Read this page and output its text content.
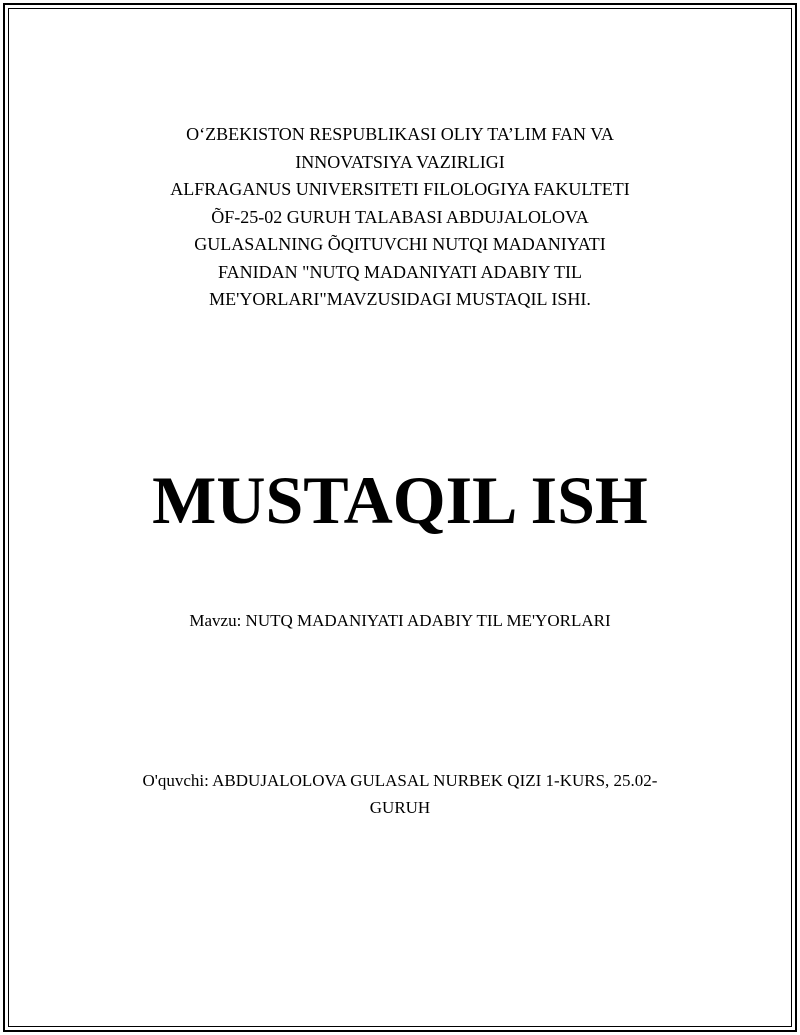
O‘ZBEKISTON RESPUBLIKASI OLIY TA’LIM FAN VA
INNOVATSIYA VAZIRLIGI
ALFRAGANUS UNIVERSITETI FILOLOGIYA FAKULTETI
ÕF-25-02 GURUH TALABASI ABDUJALOLOVA
GULASALNING ÕQITUVCHI NUTQI MADANIYATI
FANIDAN "NUTQ MADANIYATI ADABIY TIL
ME'YORLARI"MAVZUSIDAGI MUSTAQIL ISHI.
MUSTAQIL ISH
Mavzu: NUTQ MADANIYATI ADABIY TIL ME'YORLARI
O'quvchi: ABDUJALOLOVA GULASAL NURBEK QIZI 1-KURS, 25.02-
GURUH
